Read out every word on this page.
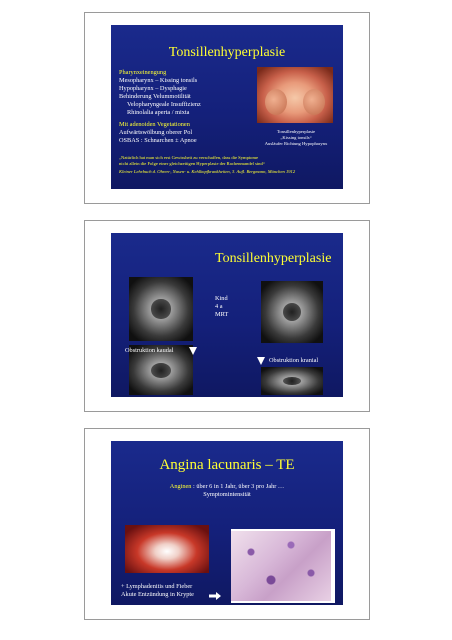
Tonsillenhyperplasie
Pharynxeinengung
Mesopharynx – Kissing tonsils
Hypopharynx – Dysphagie
Behinderung Velummotilität
Velopharyngeale Insuffizienz
Rhinolalia aperta / mixta
Mit adenoiden Vegetationen
Aufwärtswölbung oberer Pol
OSBAS : Schnarchen ± Apnoe
Tonsillenhyperplasie
„Kissing tonsils“
Ausläufer Richtung Hypopharynx
„Natürlich hat man sich erst Gewissheit zu verschaffen, dass die Symptome
nicht allein die Folge einer gleichzeitigen Hyperplasie der Rachenmandel sind“
Kleiner Lehrbuch d. Ohren-, Nasen- u. Kehlkopfkrankheiten, 3. Aufl. Bergmann, München 1912
Tonsillenhyperplasie
Kind
4 a
MRT
Obstruktion kaudal
Obstruktion kranial
Angina lacunaris – TE
Anginen : über 6 in 1 Jahr, über 3 pro Jahr …
Symptomintensität
+ Lymphadenitis und Fieber
Akute Entzündung in Krypte
